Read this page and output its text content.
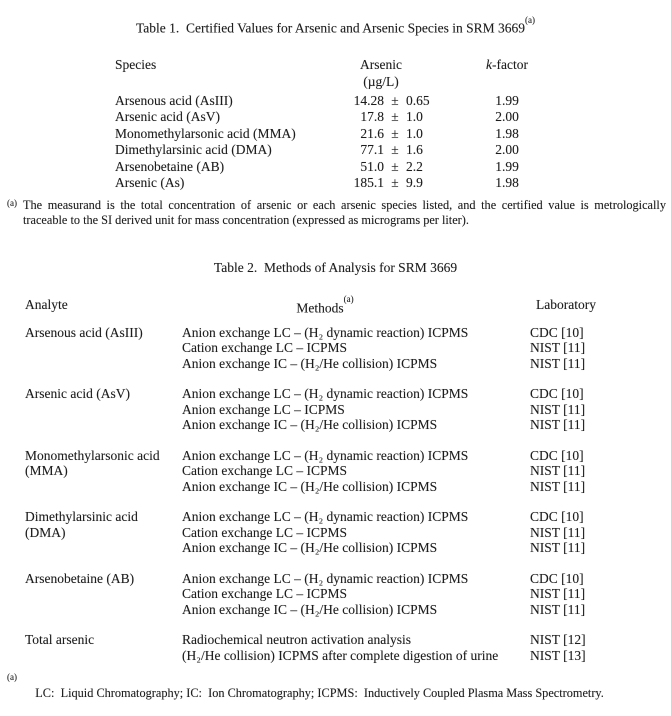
Table 1.  Certified Values for Arsenic and Arsenic Species in SRM 3669$^{(a)}$
Species	Arsenic	k-factor
(µg/L)
Arsenous acid (AsIII)	14.28 ± 0.65	1.99
Arsenic acid (AsV)	17.8 ± 1.0	2.00
Monomethylarsonic acid (MMA)	21.6 ± 1.0	1.98
Dimethylarsinic acid (DMA)	77.1 ± 1.6	2.00
Arsenobetaine (AB)	51.0 ± 2.2	1.99
Arsenic (As)	185.1 ± 9.9	1.98
(a) The measurand is the total concentration of arsenic or each arsenic species listed, and the certified value is metrologically traceable to the SI derived unit for mass concentration (expressed as micrograms per liter).
Table 2.  Methods of Analysis for SRM 3669
Analyte	Methods$^{(a)}$	Laboratory
Arsenous acid (AsIII)	Anion exchange LC – (H₂ dynamic reaction) ICPMS	CDC [10]
Cation exchange LC – ICPMS	NIST [11]
Anion exchange IC – (H₂/He collision) ICPMS	NIST [11]
Arsenic acid (AsV)	Anion exchange LC – (H₂ dynamic reaction) ICPMS	CDC [10]
Anion exchange LC – ICPMS	NIST [11]
Anion exchange IC – (H₂/He collision) ICPMS	NIST [11]
Monomethylarsonic acid (MMA)
Anion exchange LC – (H₂ dynamic reaction) ICPMS	CDC [10]
Cation exchange LC – ICPMS	NIST [11]
Anion exchange IC – (H₂/He collision) ICPMS	NIST [11]
Dimethylarsinic acid (DMA)
Anion exchange LC – (H₂ dynamic reaction) ICPMS	CDC [10]
Cation exchange LC – ICPMS	NIST [11]
Anion exchange IC – (H₂/He collision) ICPMS	NIST [11]
Arsenobetaine (AB)	Anion exchange LC – (H₂ dynamic reaction) ICPMS	CDC [10]
Cation exchange LC – ICPMS	NIST [11]
Anion exchange IC – (H₂/He collision) ICPMS	NIST [11]
Total arsenic	Radiochemical neutron activation analysis	NIST [12]
(H₂/He collision) ICPMS after complete digestion of urine	NIST [13]

(a)
LC:  Liquid Chromatography; IC:  Ion Chromatography; ICPMS:  Inductively Coupled Plasma Mass Spectrometry.
